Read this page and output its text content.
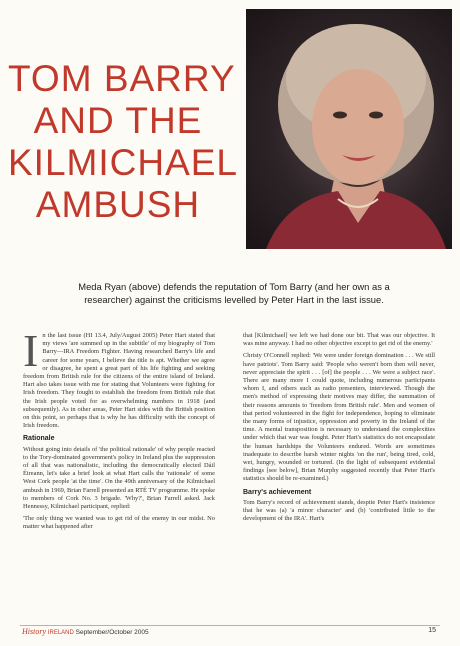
TOM BARRY
AND THE
KILMICHAEL
AMBUSH
Meda Ryan (above) defends the reputation of Tom Barry (and her own as a researcher) against the criticisms levelled by Peter Hart in the last issue.

In the last issue (HI 13.4, July/August 2005) Peter Hart stated that my views 'are summed up in the subtitle' of my biography of Tom Barry—IRA Freedom Fighter. Having researched Barry's life and career for some years, I believe the title is apt. Whether we agree or disagree, he spent a great part of his life fighting and seeking freedom from British rule for the citizens of the entire island of Ireland. Hart also takes issue with me for stating that Volunteers were fighting for Irish freedom. They fought to establish the freedom from British rule that the Irish people voted for as overwhelming numbers in 1918 (and subsequently). As in other areas, Peter Hart sides with the British position on this point, so perhaps that is why he has difficulty with the concept of Irish freedom.

Rationale

Without going into details of 'the political rationale' of why people reacted to the Tory-dominated government's policy in Ireland plus the suppression of all that was nationalistic, including the democratically elected Dáil Éireann, let's take a brief look at what Hart calls the 'rationale' of some West Cork people 'at the time'. On the 49th anniversary of the Kilmichael ambush in 1969, Brian Farrell presented an RTÉ TV programme. He spoke to members of Cork No. 3 brigade. 'Why?', Brian Farrell asked. Jack Hennessy, Kilmichael participant, replied:

'The only thing we wanted was to get rid of the enemy in our midst. No matter what happened after

that [Kilmichael] we left we had done our bit. That was our objective. It was mine anyway. I had no other objective except to get rid of the enemy.'

Christy O'Connell replied: 'We were under foreign domination . . . We still have patriots'. Tom Barry said: 'People who weren't born then will never, never appreciate the spirit . . . [of] the people . . . We were a subject race'. There are many more I could quote, including numerous participants whom I, and others such as radio presenters, interviewed. Though the men's method of expressing their motives may differ, the summation of their reasons amounts to 'freedom from British rule'. Men and women of that period volunteered in the fight for independence, hoping to eliminate the many forms of injustice, oppression and poverty in the Ireland of the time. A mental transposition is necessary to understand the complexities under which that war was fought. Peter Hart's statistics do not encapsulate the human hardships the Volunteers endured. Words are sometimes inadequate to describe harsh winter nights 'on the run', being tired, cold, wet, hungry, wounded or tortured. (In the light of subsequent evidential findings [see below], Brian Murphy suggested recently that Peter Hart's statistics should be re-examined.)

Barry's achievement

Tom Barry's record of achievement stands, despite Peter Hart's insistence that he was (a) 'a minor character' and (b) 'contributed little to the development of the IRA'. Hart's

History IRELAND September/October 2005	15
